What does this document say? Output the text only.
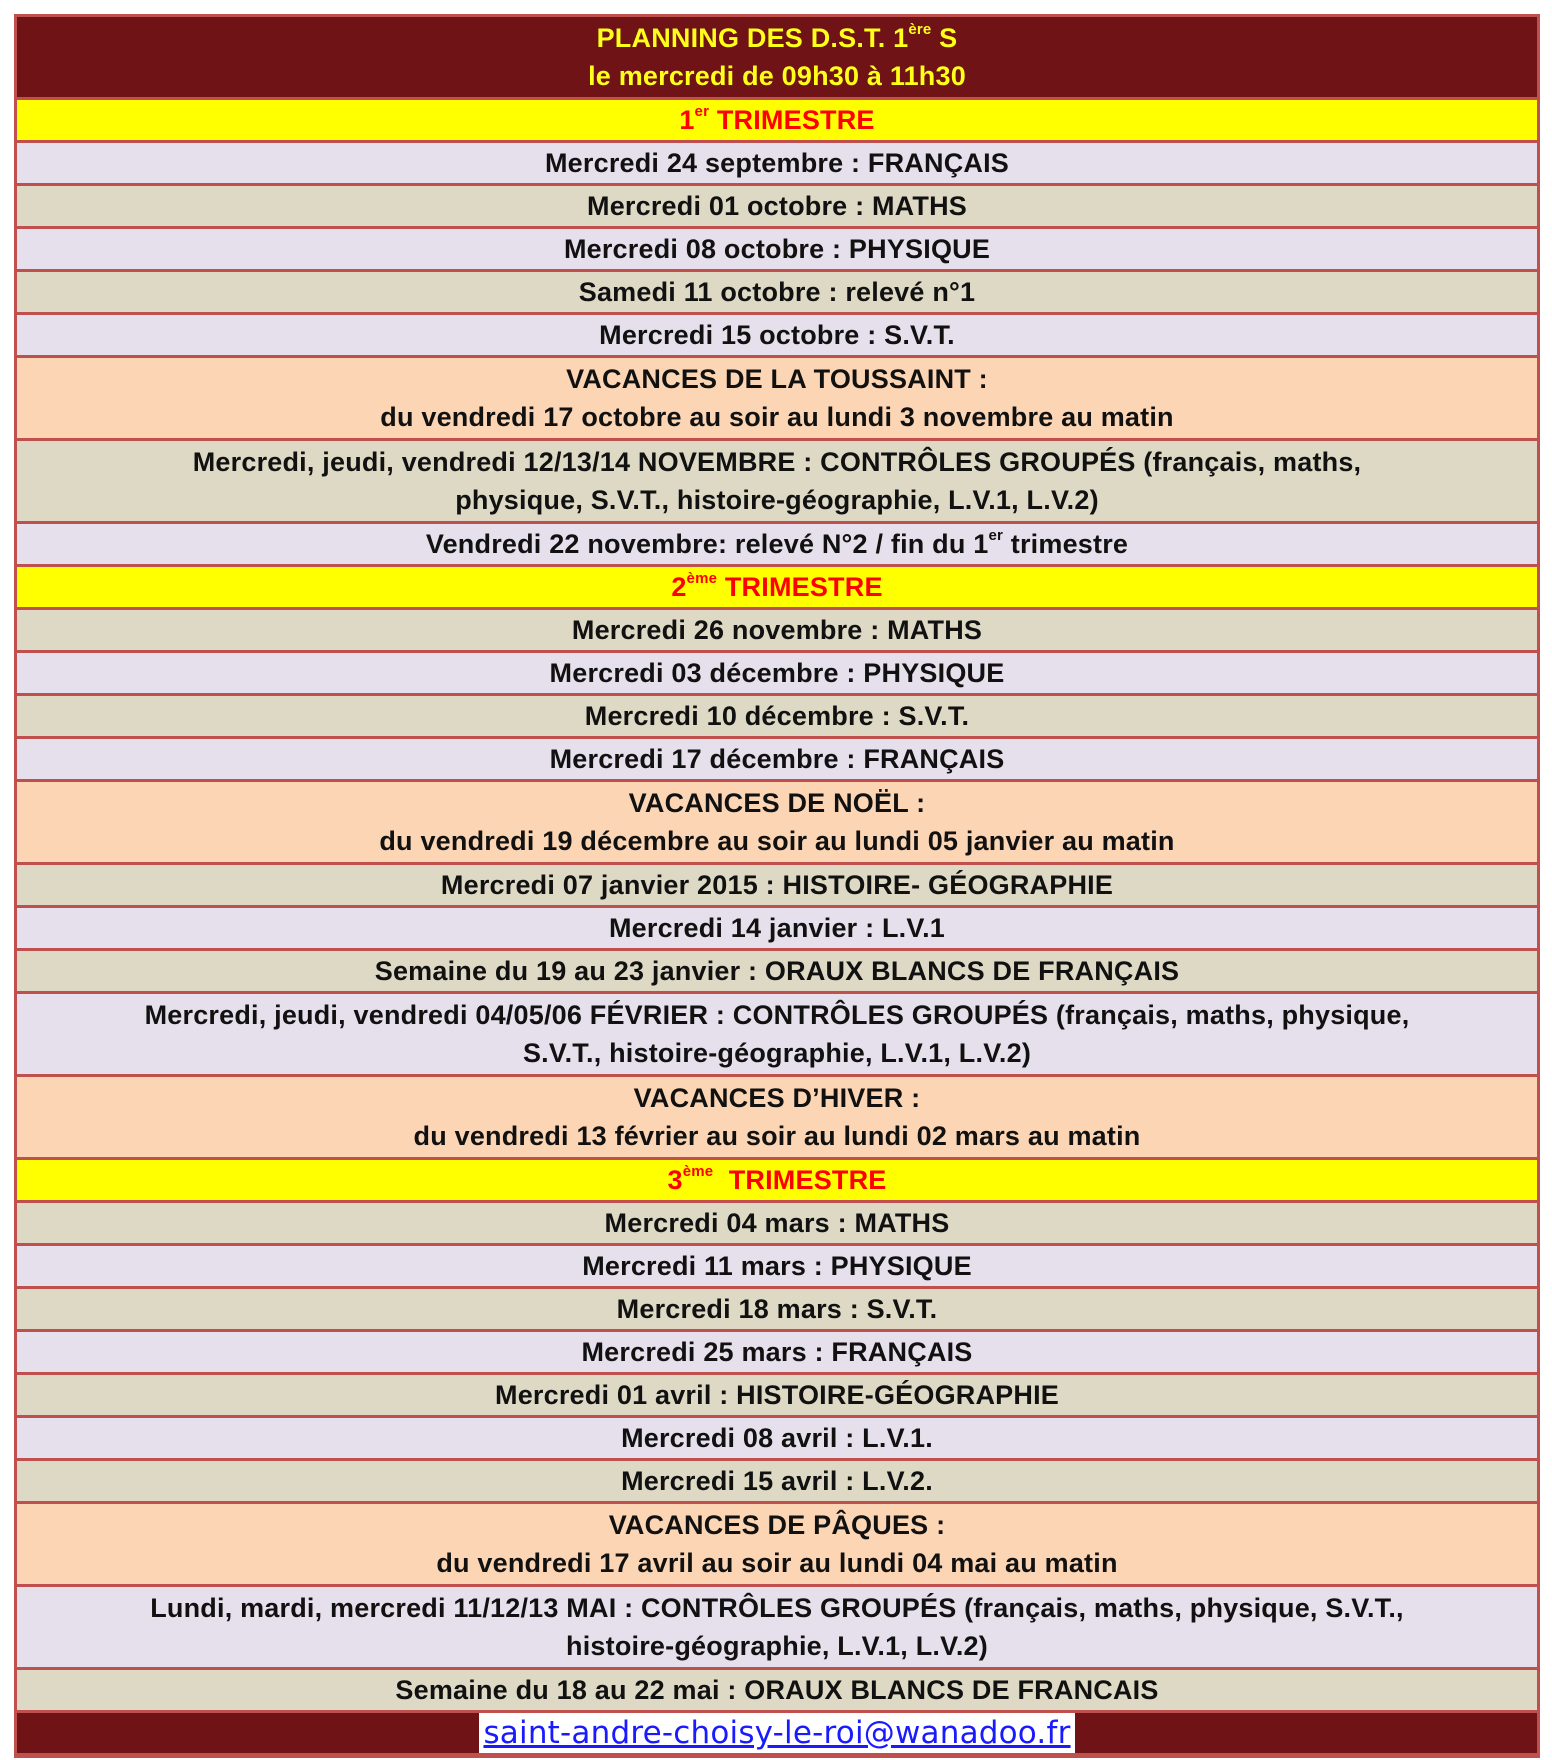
PLANNING DES D.S.T. 1ère S
le mercredi de 09h30 à 11h30
1er TRIMESTRE
Mercredi 24 septembre : FRANÇAIS
Mercredi 01 octobre : MATHS
Mercredi 08 octobre : PHYSIQUE
Samedi 11 octobre : relevé n°1
Mercredi 15 octobre : S.V.T.
VACANCES DE LA TOUSSAINT :
du vendredi 17 octobre au soir au lundi 3 novembre au matin
Mercredi, jeudi, vendredi 12/13/14 NOVEMBRE : CONTRÔLES GROUPÉS (français, maths,
physique, S.V.T., histoire-géographie, L.V.1, L.V.2)
Vendredi 22 novembre: relevé N°2 / fin du 1er trimestre
2ème TRIMESTRE
Mercredi 26 novembre : MATHS
Mercredi 03 décembre : PHYSIQUE
Mercredi 10 décembre : S.V.T.
Mercredi 17 décembre : FRANÇAIS
VACANCES DE NOËL :
du vendredi 19 décembre au soir au lundi 05 janvier au matin
Mercredi 07 janvier 2015 : HISTOIRE- GÉOGRAPHIE
Mercredi 14 janvier : L.V.1
Semaine du 19 au 23 janvier : ORAUX BLANCS DE FRANÇAIS
Mercredi, jeudi, vendredi 04/05/06 FÉVRIER : CONTRÔLES GROUPÉS (français, maths, physique,
S.V.T., histoire-géographie, L.V.1, L.V.2)
VACANCES D’HIVER :
du vendredi 13 février au soir au lundi 02 mars au matin
3ème  TRIMESTRE
Mercredi 04 mars : MATHS
Mercredi 11 mars : PHYSIQUE
Mercredi 18 mars : S.V.T.
Mercredi 25 mars : FRANÇAIS
Mercredi 01 avril : HISTOIRE-GÉOGRAPHIE
Mercredi 08 avril : L.V.1.
Mercredi 15 avril : L.V.2.
VACANCES DE PÂQUES :
du vendredi 17 avril au soir au lundi 04 mai au matin
Lundi, mardi, mercredi 11/12/13 MAI : CONTRÔLES GROUPÉS (français, maths, physique, S.V.T.,
histoire-géographie, L.V.1, L.V.2)
Semaine du 18 au 22 mai : ORAUX BLANCS DE FRANCAIS
saint-andre-choisy-le-roi@wanadoo.fr
